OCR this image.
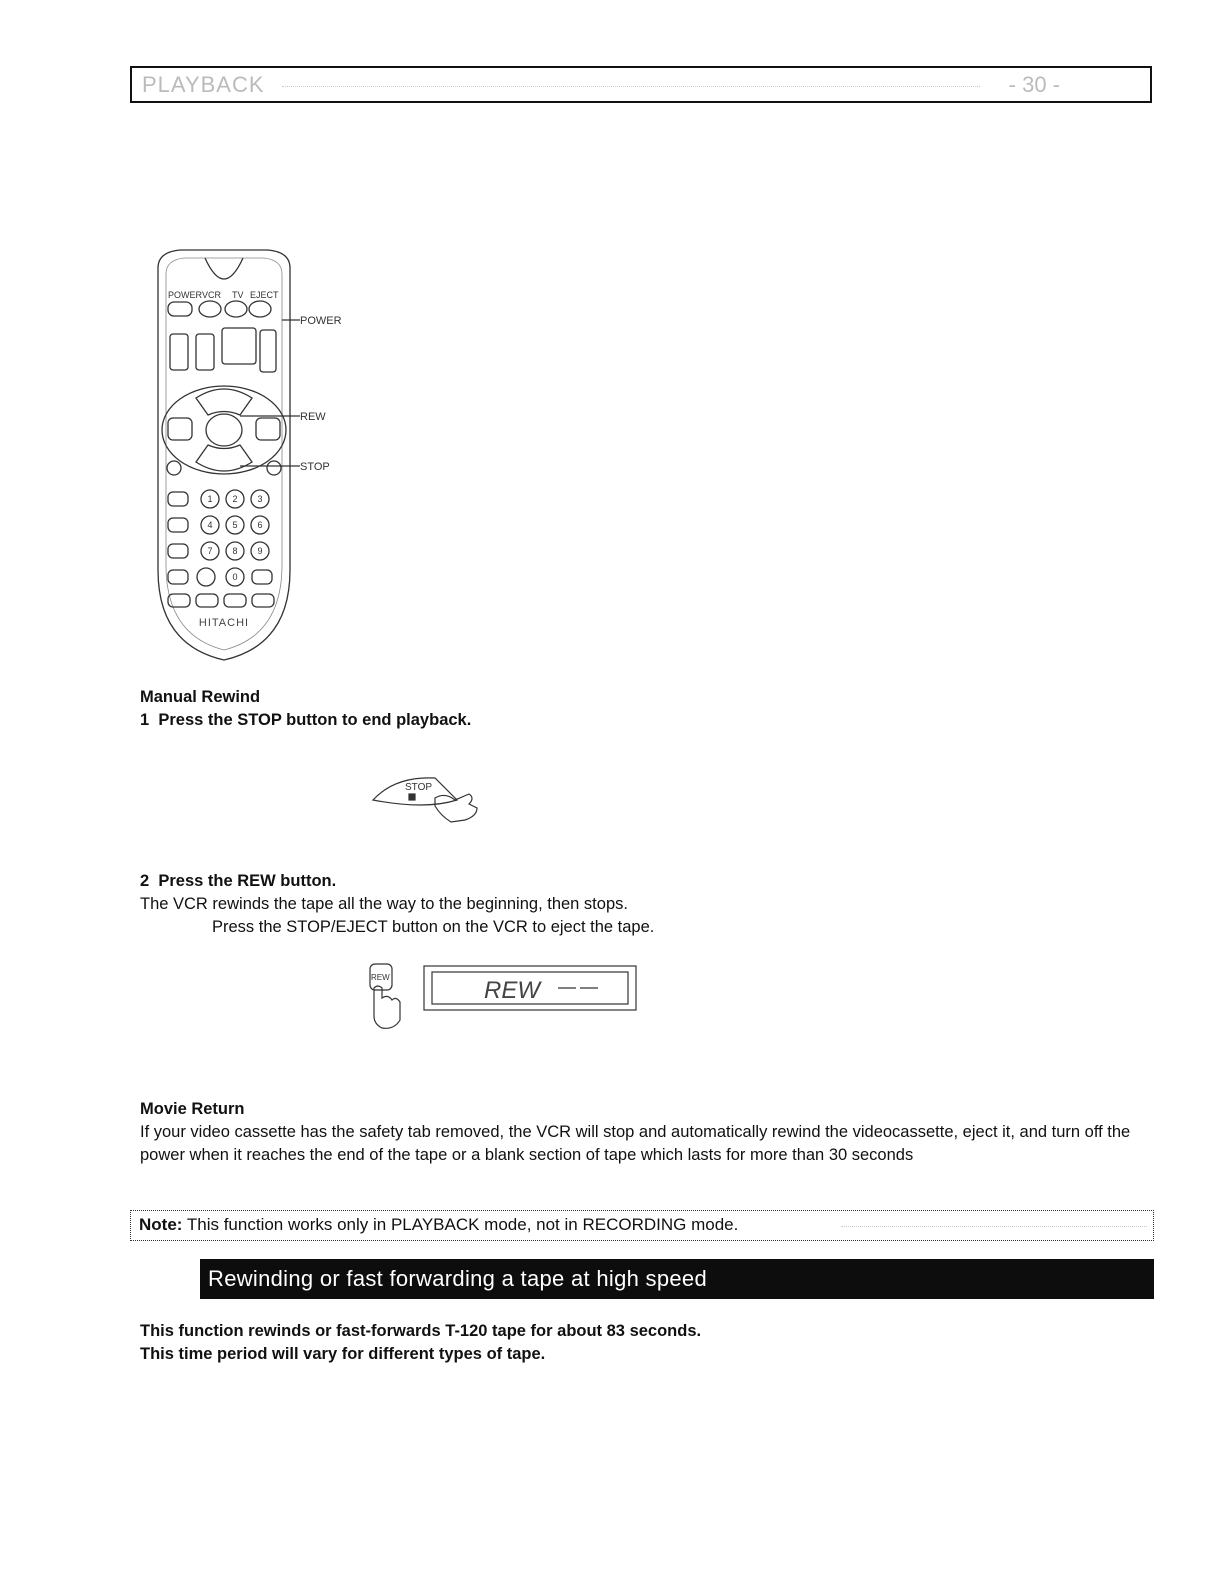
PLAYBACK	- 30 -
POWER VCR TV EJECT
1 2 3
4 5 6
7 8 9
0
HITACHI
POWER
REW
STOP
Manual Rewind
1  Press the STOP button to end playback.
STOP
2  Press the REW button.
The VCR rewinds the tape all the way to the beginning, then stops.
Press the STOP/EJECT button on the VCR to eject the tape.
REW	REW
Movie Return
If your video cassette has the safety tab removed, the VCR will stop and automatically rewind the videocassette, eject it, and turn off the power when it reaches the end of the tape or a blank section of tape which lasts for more than 30 seconds
Note: This function works only in PLAYBACK mode, not in RECORDING mode.
Rewinding or fast forwarding a tape at high speed
This function rewinds or fast-forwards T-120 tape for about 83 seconds.
This time period will vary for different types of tape.
